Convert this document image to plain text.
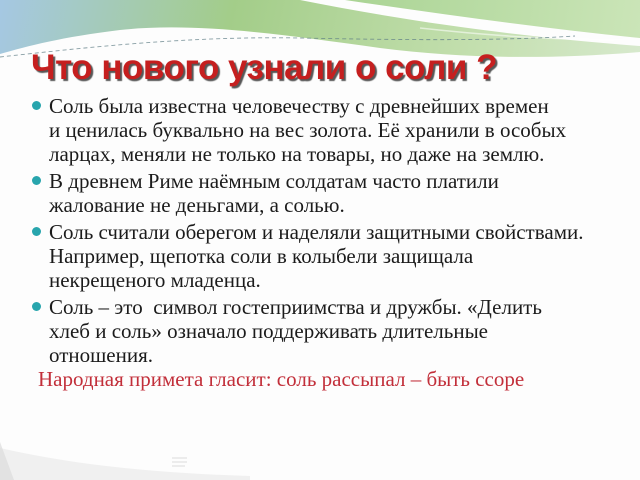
Что нового узнали о соли ?
Соль была известна человечеству с древнейших времен
и ценилась буквально на вес золота. Её хранили в особых
ларцах, меняли не только на товары, но даже на землю.
В древнем Риме наёмным солдатам часто платили
жалование не деньгами, а солью.
Соль считали оберегом и наделяли защитными свойствами.
Например, щепотка соли в колыбели защищала
некрещеного младенца.
Соль – это  символ гостеприимства и дружбы. «Делить
хлеб и соль» означало поддерживать длительные
отношения.

Народная примета гласит: соль рассыпал – быть ссоре
